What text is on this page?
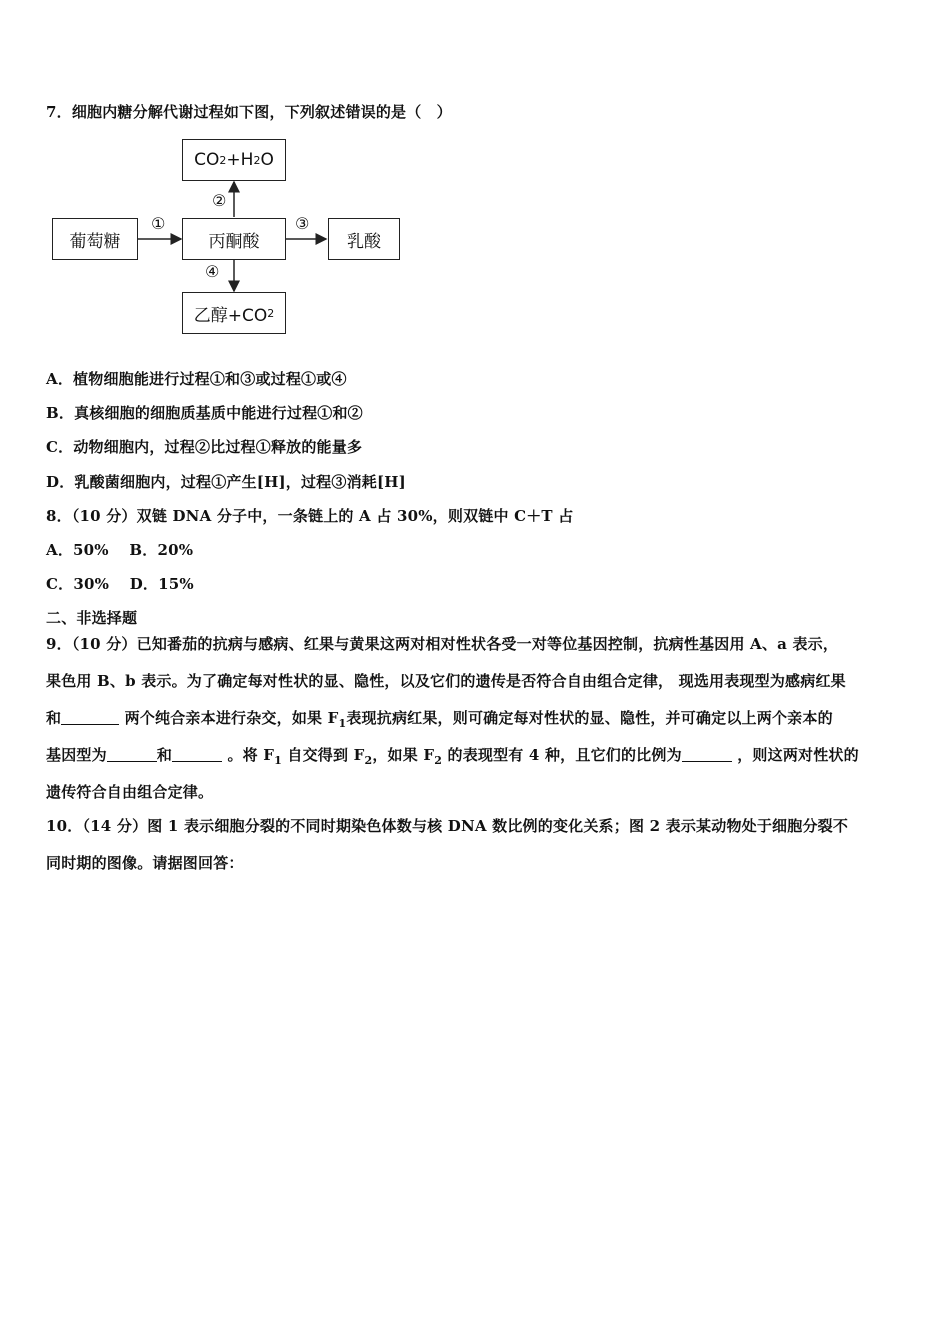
7．细胞内糖分解代谢过程如下图，下列叙述错误的是（　）
CO 2 +H 2 O
葡萄糖	丙酮酸	乳酸
乙醇+CO 2
①
②
③
④
A．植物细胞能进行过程①和③或过程①或④
B．真核细胞的细胞质基质中能进行过程①和②
C．动物细胞内，过程②比过程①释放的能量多
D．乳酸菌细胞内，过程①产生[H]，过程③消耗[H]
8．（10 分）双链 DNA 分子中，一条链上的 A 占 30%，则双链中 C＋T 占
A．50%　 B．20%
C．30%　 D．15%
二、非选择题
9．（10 分）已知番茄的抗病与感病、红果与黄果这两对相对性状各受一对等位基因控制，抗病性基因用 A、a 表示，
果色用 B、b 表示。为了确定每对性状的显、隐性，以及它们的遗传是否符合自由组合定律， 现选用表现型为感病红果
和	两个纯合亲本进行杂交，如果 $F_1$表现抗病红果，则可确定每对性状的显、隐性，并可确定以上两个亲本的
基因型为	和	。将 $F_1$ 自交得到 $F_2$，如果 $F_2$ 的表现型有 4 种，且它们的比例为	，则这两对性状的
遗传符合自由组合定律。
10．（14 分）图 1 表示细胞分裂的不同时期染色体数与核 DNA 数比例的变化关系；图 2 表示某动物处于细胞分裂不
同时期的图像。请据图回答：
